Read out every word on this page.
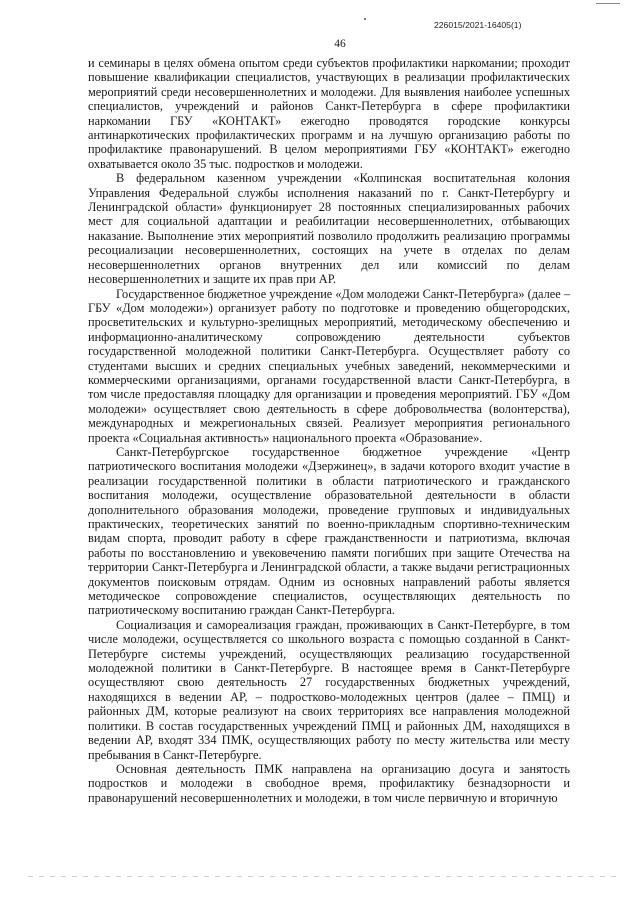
226015/2021-16405(1)
46

и семинары в целях обмена опытом среди субъектов профилактики наркомании; проходит повышение квалификации специалистов, участвующих в реализации профилактических мероприятий среди несовершеннолетних и молодежи. Для выявления наиболее успешных специалистов, учреждений и районов Санкт-Петербурга в сфере профилактики наркомании ГБУ «КОНТАКТ» ежегодно проводятся городские конкурсы антинаркотических профилактических программ и на лучшую организацию работы по профилактике правонарушений. В целом мероприятиями ГБУ «КОНТАКТ» ежегодно охватывается около 35 тыс. подростков и молодежи.

В федеральном казенном учреждении «Колпинская воспитательная колония Управления Федеральной службы исполнения наказаний по г. Санкт-Петербургу и Ленинградской области» функционирует 28 постоянных специализированных рабочих мест для социальной адаптации и реабилитации несовершеннолетних, отбывающих наказание. Выполнение этих мероприятий позволило продолжить реализацию программы ресоциализации несовершеннолетних, состоящих на учете в отделах по делам несовершеннолетних органов внутренних дел или комиссий по делам несовершеннолетних и защите их прав при АР.

Государственное бюджетное учреждение «Дом молодежи Санкт-Петербурга» (далее – ГБУ «Дом молодежи») организует работу по подготовке и проведению общегородских, просветительских и культурно-зрелищных мероприятий, методическому обеспечению и информационно-аналитическому сопровождению деятельности субъектов государственной молодежной политики Санкт-Петербурга. Осуществляет работу со студентами высших и средних специальных учебных заведений, некоммерческими и коммерческими организациями, органами государственной власти Санкт-Петербурга, в том числе предоставляя площадку для организации и проведения мероприятий. ГБУ «Дом молодежи» осуществляет свою деятельность в сфере добровольчества (волонтерства), международных и межрегиональных связей. Реализует мероприятия регионального проекта «Социальная активность» национального проекта «Образование».

Санкт-Петербургское государственное бюджетное учреждение «Центр патриотического воспитания молодежи «Дзержинец», в задачи которого входит участие в реализации государственной политики в области патриотического и гражданского воспитания молодежи, осуществление образовательной деятельности в области дополнительного образования молодежи, проведение групповых и индивидуальных практических, теоретических занятий по военно-прикладным спортивно-техническим видам спорта, проводит работу в сфере гражданственности и патриотизма, включая работы по восстановлению и увековечению памяти погибших при защите Отечества на территории Санкт-Петербурга и Ленинградской области, а также выдачи регистрационных документов поисковым отрядам. Одним из основных направлений работы является методическое сопровождение специалистов, осуществляющих деятельность по патриотическому воспитанию граждан Санкт-Петербурга.

Социализация и самореализация граждан, проживающих в Санкт-Петербурге, в том числе молодежи, осуществляется со школьного возраста с помощью созданной в Санкт-Петербурге системы учреждений, осуществляющих реализацию государственной молодежной политики в Санкт-Петербурге. В настоящее время в Санкт-Петербурге осуществляют свою деятельность 27 государственных бюджетных учреждений, находящихся в ведении АР, – подростково-молодежных центров (далее – ПМЦ) и районных ДМ, которые реализуют на своих территориях все направления молодежной политики. В состав государственных учреждений ПМЦ и районных ДМ, находящихся в ведении АР, входят 334 ПМК, осуществляющих работу по месту жительства или месту пребывания в Санкт-Петербурге.

Основная деятельность ПМК направлена на организацию досуга и занятость подростков и молодежи в свободное время, профилактику безнадзорности и правонарушений несовершеннолетних и молодежи, в том числе первичную и вторичную
